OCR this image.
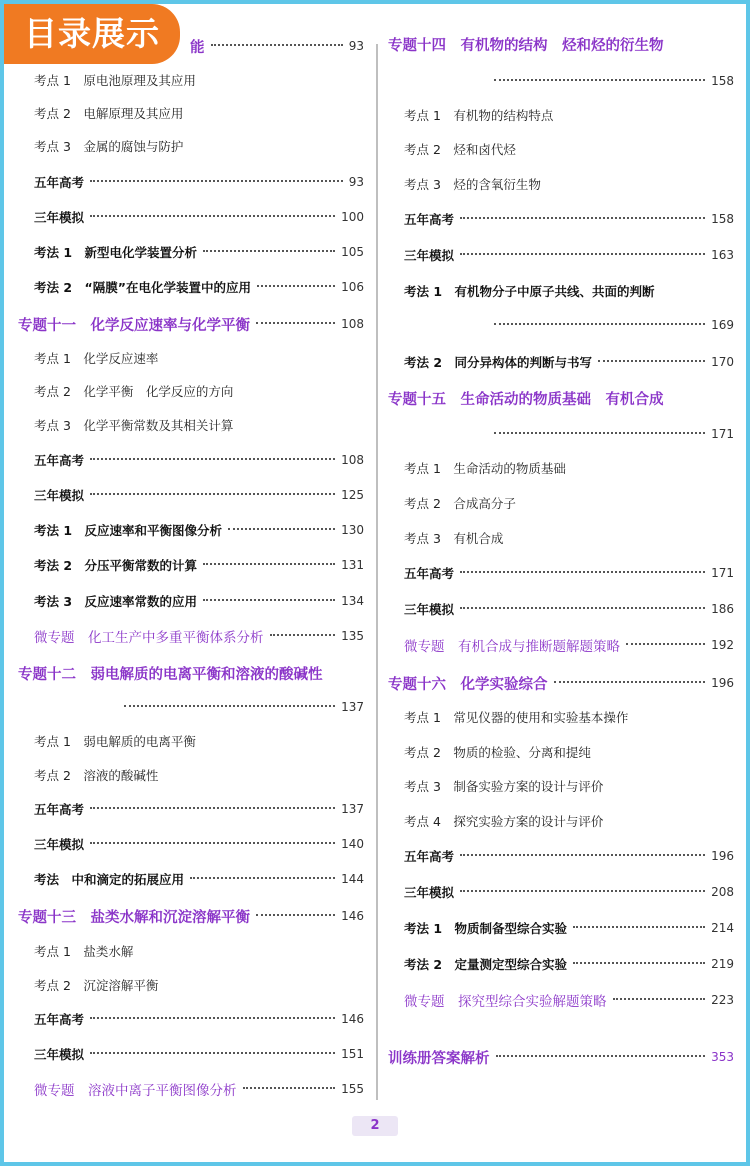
目录展示	能	93
考点 1　原电池原理及其应用
考点 2　电解原理及其应用
考点 3　金属的腐蚀与防护
五年高考	93
三年模拟	100
考法 1　新型电化学装置分析	105
考法 2　“隔膜”在电化学装置中的应用	106
专题十一　化学反应速率与化学平衡	108
考点 1　化学反应速率
考点 2　化学平衡　化学反应的方向
考点 3　化学平衡常数及其相关计算
五年高考	108
三年模拟	125
考法 1　反应速率和平衡图像分析	130
考法 2　分压平衡常数的计算	131
考法 3　反应速率常数的应用	134
微专题　化工生产中多重平衡体系分析	135
专题十二　弱电解质的电离平衡和溶液的酸碱性
137
考点 1　弱电解质的电离平衡
考点 2　溶液的酸碱性
五年高考	137
三年模拟	140
考法　中和滴定的拓展应用	144
专题十三　盐类水解和沉淀溶解平衡	146
考点 1　盐类水解
考点 2　沉淀溶解平衡
五年高考	146
三年模拟	151
微专题　溶液中离子平衡图像分析	155
专题十四　有机物的结构　烃和烃的衍生物
158
考点 1　有机物的结构特点
考点 2　烃和卤代烃
考点 3　烃的含氧衍生物
五年高考	158
三年模拟	163
考法 1　有机物分子中原子共线、共面的判断
169
考法 2　同分异构体的判断与书写	170
专题十五　生命活动的物质基础　有机合成
171
考点 1　生命活动的物质基础
考点 2　合成高分子
考点 3　有机合成
五年高考	171
三年模拟	186
微专题　有机合成与推断题解题策略	192
专题十六　化学实验综合	196
考点 1　常见仪器的使用和实验基本操作
考点 2　物质的检验、分离和提纯
考点 3　制备实验方案的设计与评价
考点 4　探究实验方案的设计与评价
五年高考	196
三年模拟	208
考法 1　物质制备型综合实验	214
考法 2　定量测定型综合实验	219
微专题　探究型综合实验解题策略	223
训练册答案解析	353
2
